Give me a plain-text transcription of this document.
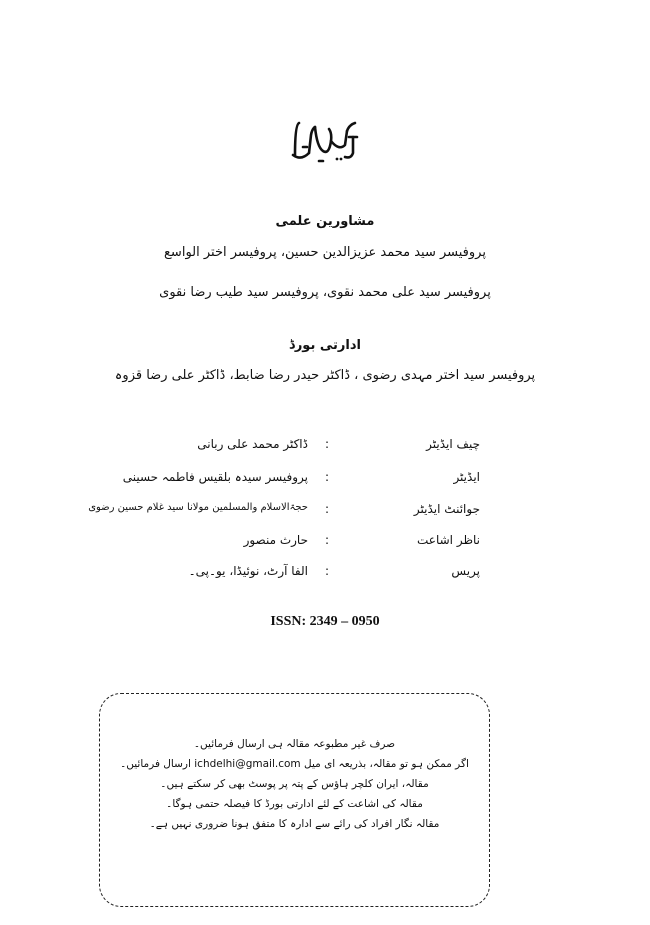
مشاورین علمی
پروفیسر سید محمد عزیزالدین حسین، پروفیسر اختر الواسع
پروفیسر سید علی محمد نقوی، پروفیسر سید طیب رضا نقوی
ادارتی بورڈ
پروفیسر سید اختر مہدی رضوی ، ڈاکٹر حیدر رضا ضابط، ڈاکٹر علی رضا قزوہ
چیف ایڈیٹر
:
ڈاکٹر محمد علی ربانی
ایڈیٹر
:
پروفیسر سیدہ بلقیس فاطمہ حسینی
جوائنٹ ایڈیٹر
:
حجۃالاسلام والمسلمین مولانا سید غلام حسین رضوی
ناظر اشاعت
:
حارث منصور
پریس
:
الفا آرٹ، نوئیڈا، یو۔پی۔
ISSN: 2349 – 0950
صرف غیر مطبوعہ مقالہ ہی ارسال فرمائیں۔
اگر ممکن ہو تو مقالہ، بذریعہ ای میل ichdelhi@gmail.com ارسال فرمائیں۔
مقالہ، ایران کلچر ہاؤس کے پتہ پر پوسٹ بھی کر سکتے ہیں۔
مقالہ کی اشاعت کے لئے ادارتی بورڈ کا فیصلہ حتمی ہوگا۔
مقالہ نگار افراد کی رائے سے ادارہ کا متفق ہونا ضروری نہیں ہے۔
